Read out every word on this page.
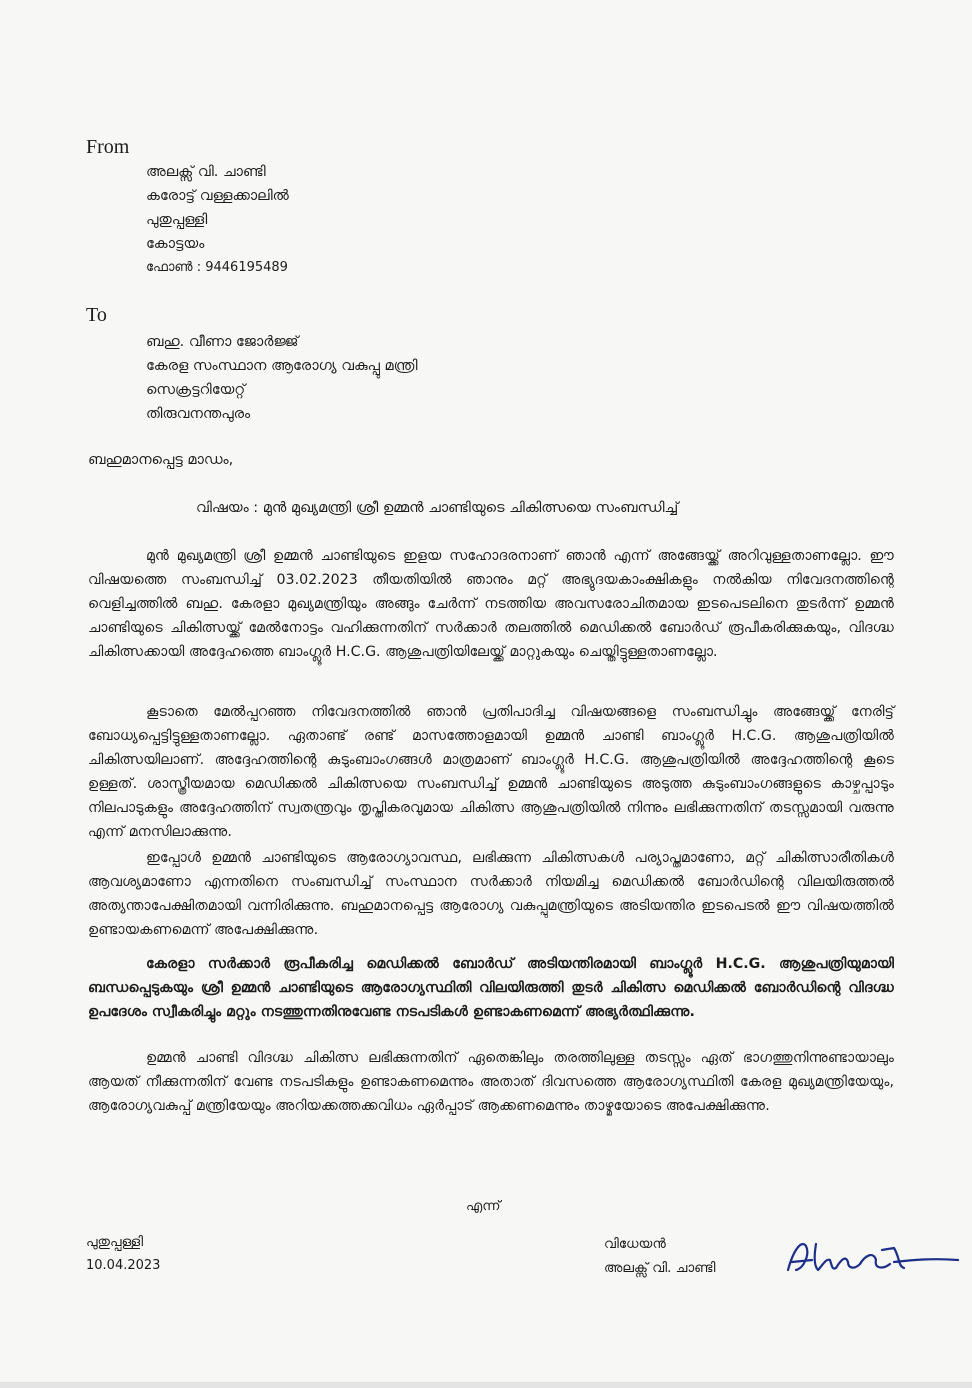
From
അലക്സ് വി. ചാണ്ടി
കരോട്ട് വള്ളക്കാലിൽ
പുതുപ്പള്ളി
കോട്ടയം
ഫോൺ : 9446195489
To
ബഹു. വീണാ ജോർജ്ജ്
കേരള സംസ്ഥാന ആരോഗ്യ വകുപ്പു മന്ത്രി
സെക്രട്ടറിയേറ്റ്
തിരുവനന്തപുരം
ബഹുമാനപ്പെട്ട മാഡം,
വിഷയം : മുൻ മുഖ്യമന്ത്രി ശ്രീ ഉമ്മൻ ചാണ്ടിയുടെ ചികിത്സയെ സംബന്ധിച്ച്
മുൻ മുഖ്യമന്ത്രി ശ്രീ ഉമ്മൻ ചാണ്ടിയുടെ ഇളയ സഹോദരനാണ് ഞാൻ എന്ന് അങ്ങേയ്ക്ക് അറിവുള്ളതാണല്ലോ. ഈ വിഷയത്തെ സംബന്ധിച്ച് 03.02.2023 തീയതിയിൽ ഞാനും മറ്റ് അഭ്യുദയകാംക്ഷികളും നൽകിയ നിവേദനത്തിന്റെ വെളിച്ചത്തിൽ ബഹു. കേരളാ മുഖ്യമന്ത്രിയും അങ്ങും ചേർന്ന് നടത്തിയ അവസരോചിതമായ ഇടപെടലിനെ തുടർന്ന് ഉമ്മൻ ചാണ്ടിയുടെ ചികിത്സയ്ക്ക് മേൽനോട്ടം വഹിക്കുന്നതിന് സർക്കാർ തലത്തിൽ മെഡിക്കൽ ബോർഡ് രൂപീകരിക്കുകയും, വിദഗ്ദ്ധ ചികിത്സക്കായി അദ്ദേഹത്തെ ബാംഗ്ലൂർ H.C.G. ആശുപത്രിയിലേയ്ക്ക് മാറ്റുകയും ചെയ്തിട്ടുള്ളതാണല്ലോ.
കൂടാതെ മേൽപ്പറഞ്ഞ നിവേദനത്തിൽ ഞാൻ പ്രതിപാദിച്ച വിഷയങ്ങളെ സംബന്ധിച്ചും അങ്ങേയ്ക്ക് നേരിട്ട് ബോധ്യപ്പെട്ടിട്ടുള്ളതാണല്ലോ. ഏതാണ്ട് രണ്ട് മാസത്തോളമായി ഉമ്മൻ ചാണ്ടി ബാംഗ്ലൂർ H.C.G. ആശുപത്രിയിൽ ചികിത്സയിലാണ്. അദ്ദേഹത്തിന്റെ കുടുംബാംഗങ്ങൾ മാത്രമാണ് ബാംഗ്ലൂർ H.C.G. ആശുപത്രിയിൽ അദ്ദേഹത്തിന്റെ കൂടെ ഉള്ളത്. ശാസ്ത്രീയമായ മെഡിക്കൽ ചികിത്സയെ സംബന്ധിച്ച് ഉമ്മൻ ചാണ്ടിയുടെ അടുത്ത കുടുംബാംഗങ്ങളുടെ കാഴ്ചപ്പാടും നിലപാടുകളും അദ്ദേഹത്തിന് സ്വതന്ത്രവും തൃപ്തികരവുമായ ചികിത്സ ആശുപത്രിയിൽ നിന്നും ലഭിക്കുന്നതിന് തടസ്സമായി വരുന്നു എന്ന് മനസിലാക്കുന്നു.
ഇപ്പോൾ ഉമ്മൻ ചാണ്ടിയുടെ ആരോഗ്യാവസ്ഥ, ലഭിക്കുന്ന ചികിത്സകൾ പര്യാപ്തമാണോ, മറ്റ് ചികിത്സാരീതികൾ ആവശ്യമാണോ എന്നതിനെ സംബന്ധിച്ച് സംസ്ഥാന സർക്കാർ നിയമിച്ച മെഡിക്കൽ ബോർഡിന്റെ വിലയിരുത്തൽ അത്യന്താപേക്ഷിതമായി വന്നിരിക്കുന്നു. ബഹുമാനപ്പെട്ട ആരോഗ്യ വകുപ്പുമന്ത്രിയുടെ അടിയന്തിര ഇടപെടൽ ഈ വിഷയത്തിൽ ഉണ്ടായകണമെന്ന് അപേക്ഷിക്കുന്നു.
കേരളാ സർക്കാർ രൂപീകരിച്ച മെഡിക്കൽ ബോർഡ് അടിയന്തിരമായി ബാംഗ്ലൂർ H.C.G. ആശുപത്രിയുമായി ബന്ധപ്പെടുകയും ശ്രീ ഉമ്മൻ ചാണ്ടിയുടെ ആരോഗ്യസ്ഥിതി വിലയിരുത്തി തുടർ ചികിത്സ മെഡിക്കൽ ബോർഡിന്റെ വിദഗ്ദ്ധ ഉപദേശം സ്വീകരിച്ചും മറ്റും നടത്തുന്നതിനുവേണ്ട നടപടികൾ ഉണ്ടാകണമെന്ന് അഭ്യർത്ഥിക്കുന്നു.
ഉമ്മൻ ചാണ്ടി വിദഗ്ദ്ധ ചികിത്സ ലഭിക്കുന്നതിന് ഏതെങ്കിലും തരത്തിലുള്ള തടസ്സം ഏത് ഭാഗത്തുനിന്നുണ്ടായാലും ആയത് നീക്കുന്നതിന് വേണ്ട നടപടികളും ഉണ്ടാകണമെന്നും അതാത് ദിവസത്തെ ആരോഗ്യസ്ഥിതി കേരള മുഖ്യമന്ത്രിയേയും, ആരോഗ്യവകുപ്പ് മന്ത്രിയേയും അറിയക്കത്തക്കവിധം ഏർപ്പാട് ആക്കണമെന്നും താഴ്മയോടെ അപേക്ഷിക്കുന്നു.
എന്ന്
പുതുപ്പള്ളി
10.04.2023
വിധേയൻ
അലക്സ് വി. ചാണ്ടി
